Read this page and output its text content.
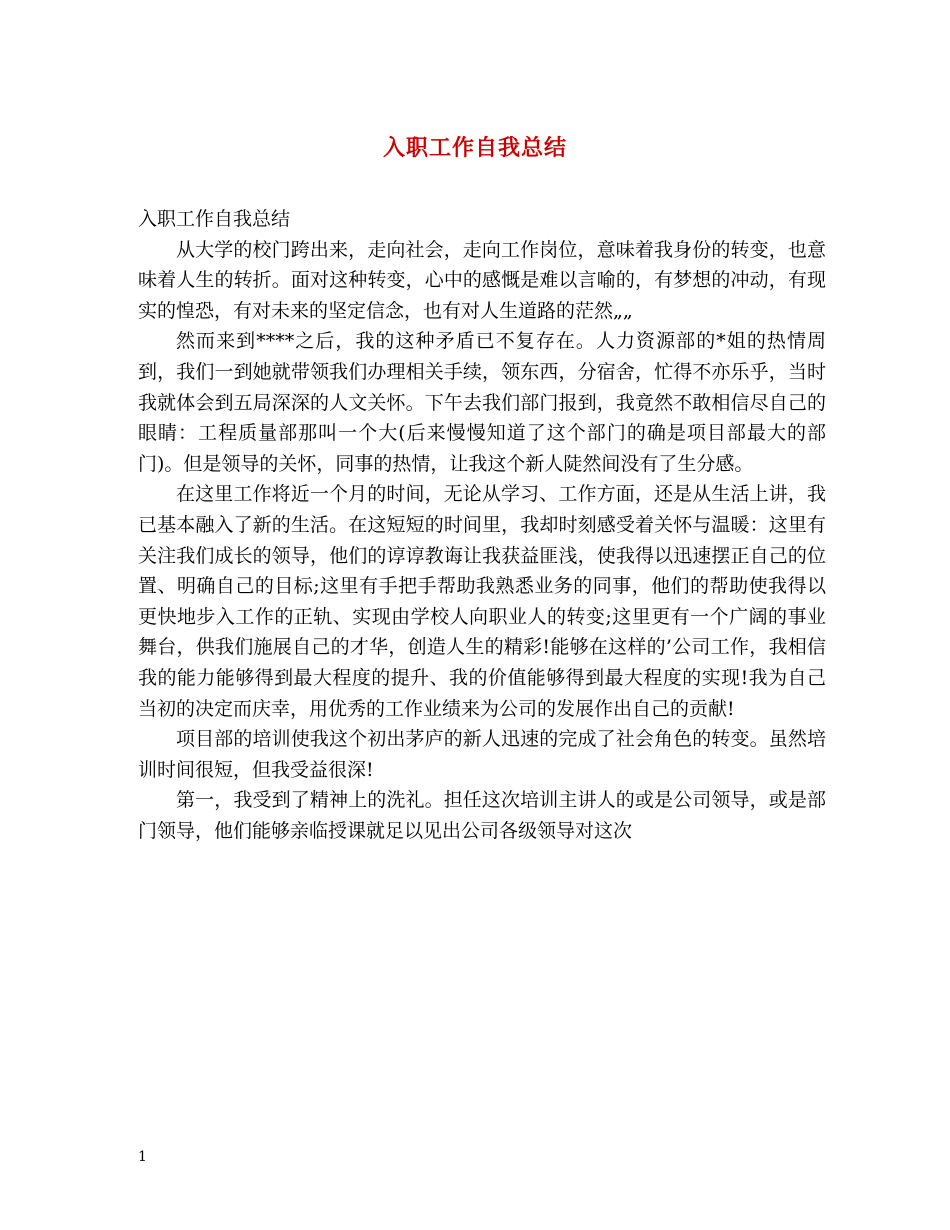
入职工作自我总结

入职工作自我总结

从大学的校门跨出来，走向社会，走向工作岗位，意味着我身份的转变，也意味着人生的转折。面对这种转变，心中的感慨是难以言喻的，有梦想的冲动，有现实的惶恐，有对未来的坚定信念，也有对人生道路的茫然„„

然而来到****之后，我的这种矛盾已不复存在。人力资源部的*姐的热情周到，我们一到她就带领我们办理相关手续，领东西，分宿舍，忙得不亦乐乎，当时我就体会到五局深深的人文关怀。下午去我们部门报到，我竟然不敢相信尽自己的眼睛：工程质量部那叫一个大(后来慢慢知道了这个部门的确是项目部最大的部门)。但是领导的关怀，同事的热情，让我这个新人陡然间没有了生分感。

在这里工作将近一个月的时间，无论从学习、工作方面，还是从生活上讲，我已基本融入了新的生活。在这短短的时间里，我却时刻感受着关怀与温暖：这里有关注我们成长的领导，他们的谆谆教诲让我获益匪浅，使我得以迅速摆正自己的位置、明确自己的目标;这里有手把手帮助我熟悉业务的同事，他们的帮助使我得以更快地步入工作的正轨、实现由学校人向职业人的转变;这里更有一个广阔的事业舞台，供我们施展自己的才华，创造人生的精彩!能够在这样的’公司工作，我相信我的能力能够得到最大程度的提升、我的价值能够得到最大程度的实现!我为自己当初的决定而庆幸，用优秀的工作业绩来为公司的发展作出自己的贡献!

项目部的培训使我这个初出茅庐的新人迅速的完成了社会角色的转变。虽然培训时间很短，但我受益很深!

第一，我受到了精神上的洗礼。担任这次培训主讲人的或是公司领导，或是部门领导，他们能够亲临授课就足以见出公司各级领导对这次

1
